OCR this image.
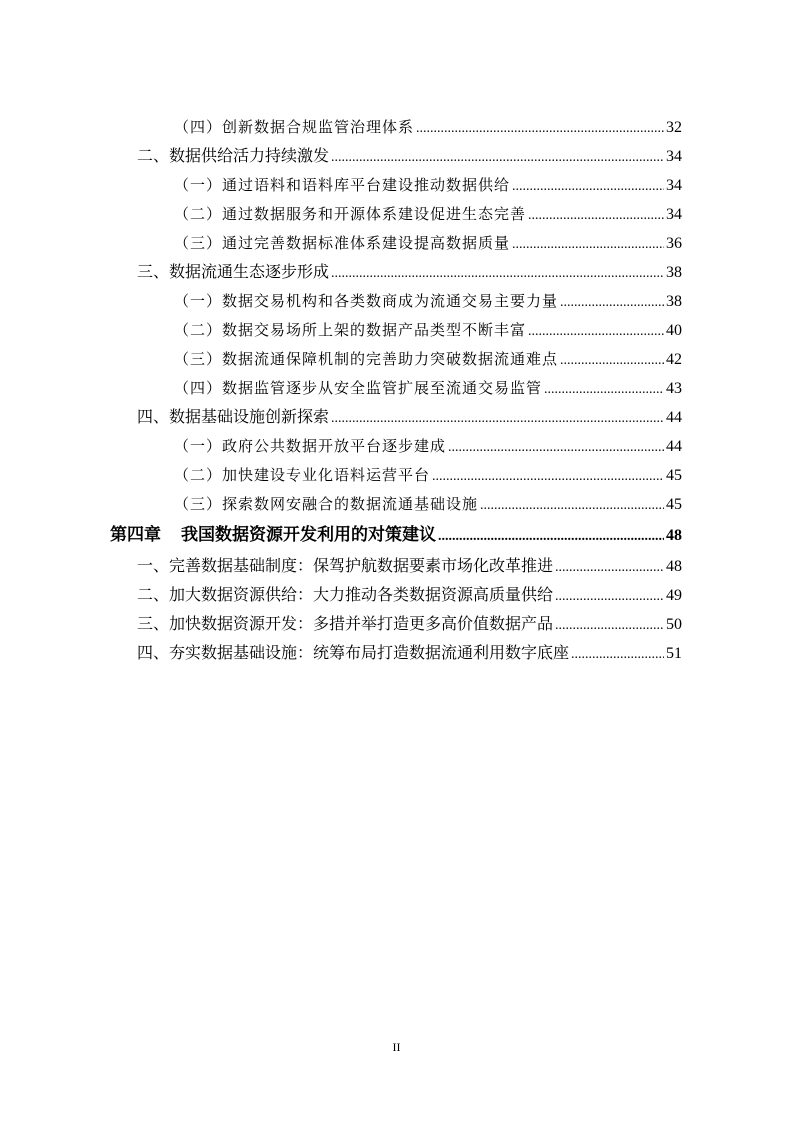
（四）创新数据合规监管治理体系 .....	32
二、数据供给活力持续激发 .....	34
（一）通过语料和语料库平台建设推动数据供给 .....	34
（二）通过数据服务和开源体系建设促进生态完善 .....	34
（三）通过完善数据标准体系建设提高数据质量 .....	36
三、数据流通生态逐步形成 .....	38
（一）数据交易机构和各类数商成为流通交易主要力量 .....	38
（二）数据交易场所上架的数据产品类型不断丰富 .....	40
（三）数据流通保障机制的完善助力突破数据流通难点 .....	42
（四）数据监管逐步从安全监管扩展至流通交易监管 .....	43
四、数据基础设施创新探索 .....	44
（一）政府公共数据开放平台逐步建成 .....	44
（二）加快建设专业化语料运营平台 .....	45
（三）探索数网安融合的数据流通基础设施 .....	45
第四章 我国数据资源开发利用的对策建议 .....	48
一、完善数据基础制度：保驾护航数据要素市场化改革推进 .....	48
二、加大数据资源供给：大力推动各类数据资源高质量供给 .....	49
三、加快数据资源开发：多措并举打造更多高价值数据产品 .....	50
四、夯实数据基础设施：统筹布局打造数据流通利用数字底座 .....	51
II
